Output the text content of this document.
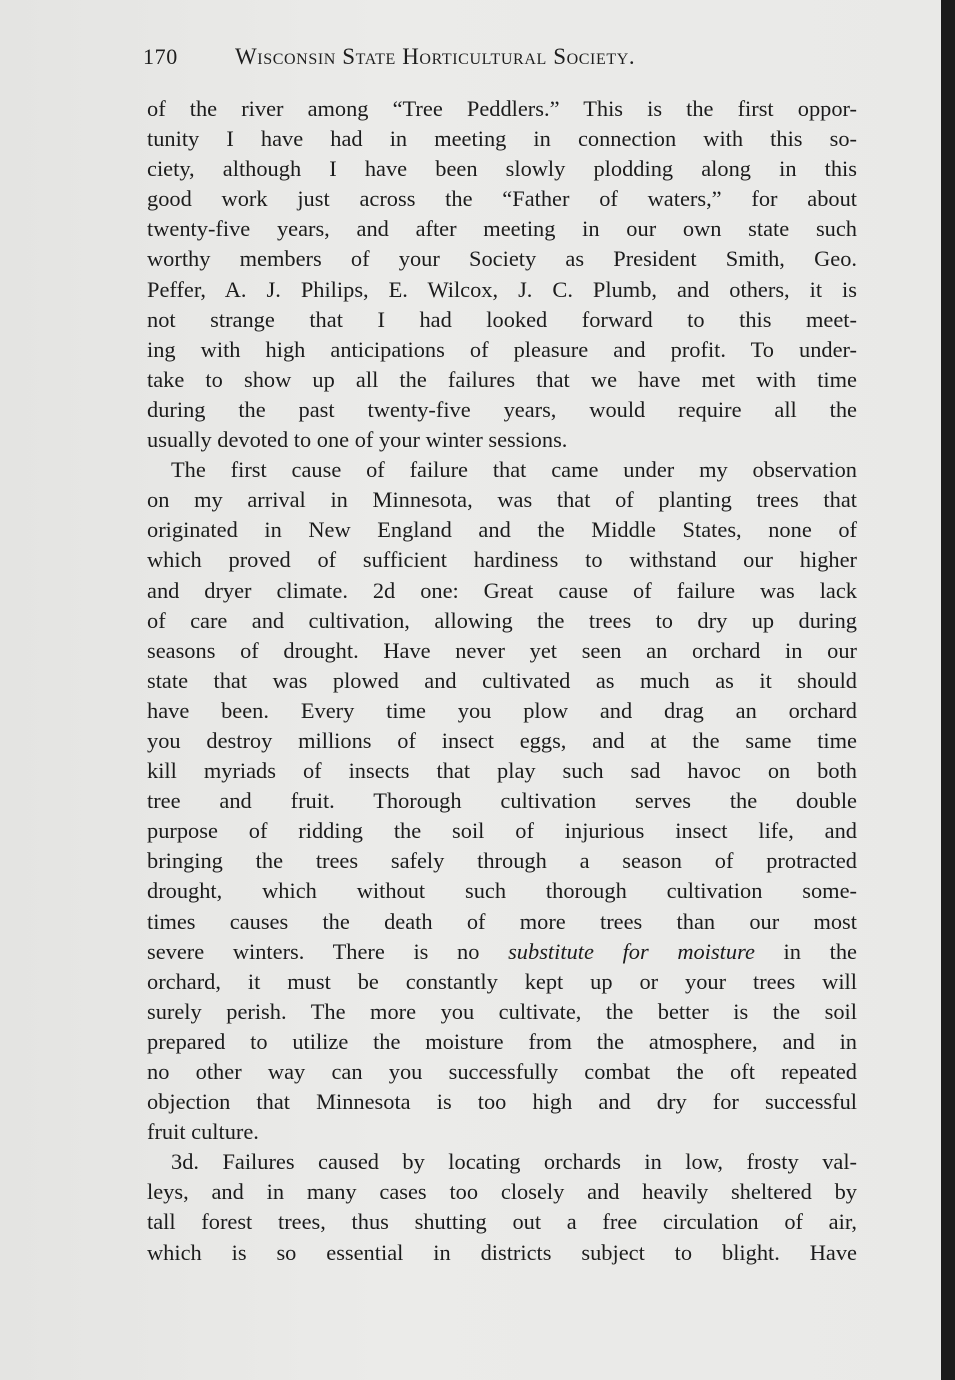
170 Wisconsin State Horticultural Society.
of the river among “Tree Peddlers.” This is the first oppor-
tunity I have had in meeting in connection with this so-
ciety, although I have been slowly plodding along in this
good work just across the “Father of waters,” for about
twenty-five years, and after meeting in our own state such
worthy members of your Society as President Smith, Geo.
Peffer, A. J. Philips, E. Wilcox, J. C. Plumb, and others, it is
not strange that I had looked forward to this meet-
ing with high anticipations of pleasure and profit. To under-
take to show up all the failures that we have met with time
during the past twenty-five years, would require all the
usually devoted to one of your winter sessions.
The first cause of failure that came under my observation
on my arrival in Minnesota, was that of planting trees that
originated in New England and the Middle States, none of
which proved of sufficient hardiness to withstand our higher
and dryer climate. 2d one: Great cause of failure was lack
of care and cultivation, allowing the trees to dry up during
seasons of drought. Have never yet seen an orchard in our
state that was plowed and cultivated as much as it should
have been. Every time you plow and drag an orchard
you destroy millions of insect eggs, and at the same time
kill myriads of insects that play such sad havoc on both
tree and fruit. Thorough cultivation serves the double
purpose of ridding the soil of injurious insect life, and
bringing the trees safely through a season of protracted
drought, which without such thorough cultivation some-
times causes the death of more trees than our most
severe winters. There is no substitute for moisture in the
orchard, it must be constantly kept up or your trees will
surely perish. The more you cultivate, the better is the soil
prepared to utilize the moisture from the atmosphere, and in
no other way can you successfully combat the oft repeated
objection that Minnesota is too high and dry for successful
fruit culture.
3d. Failures caused by locating orchards in low, frosty val-
leys, and in many cases too closely and heavily sheltered by
tall forest trees, thus shutting out a free circulation of air,
which is so essential in districts subject to blight. Have
